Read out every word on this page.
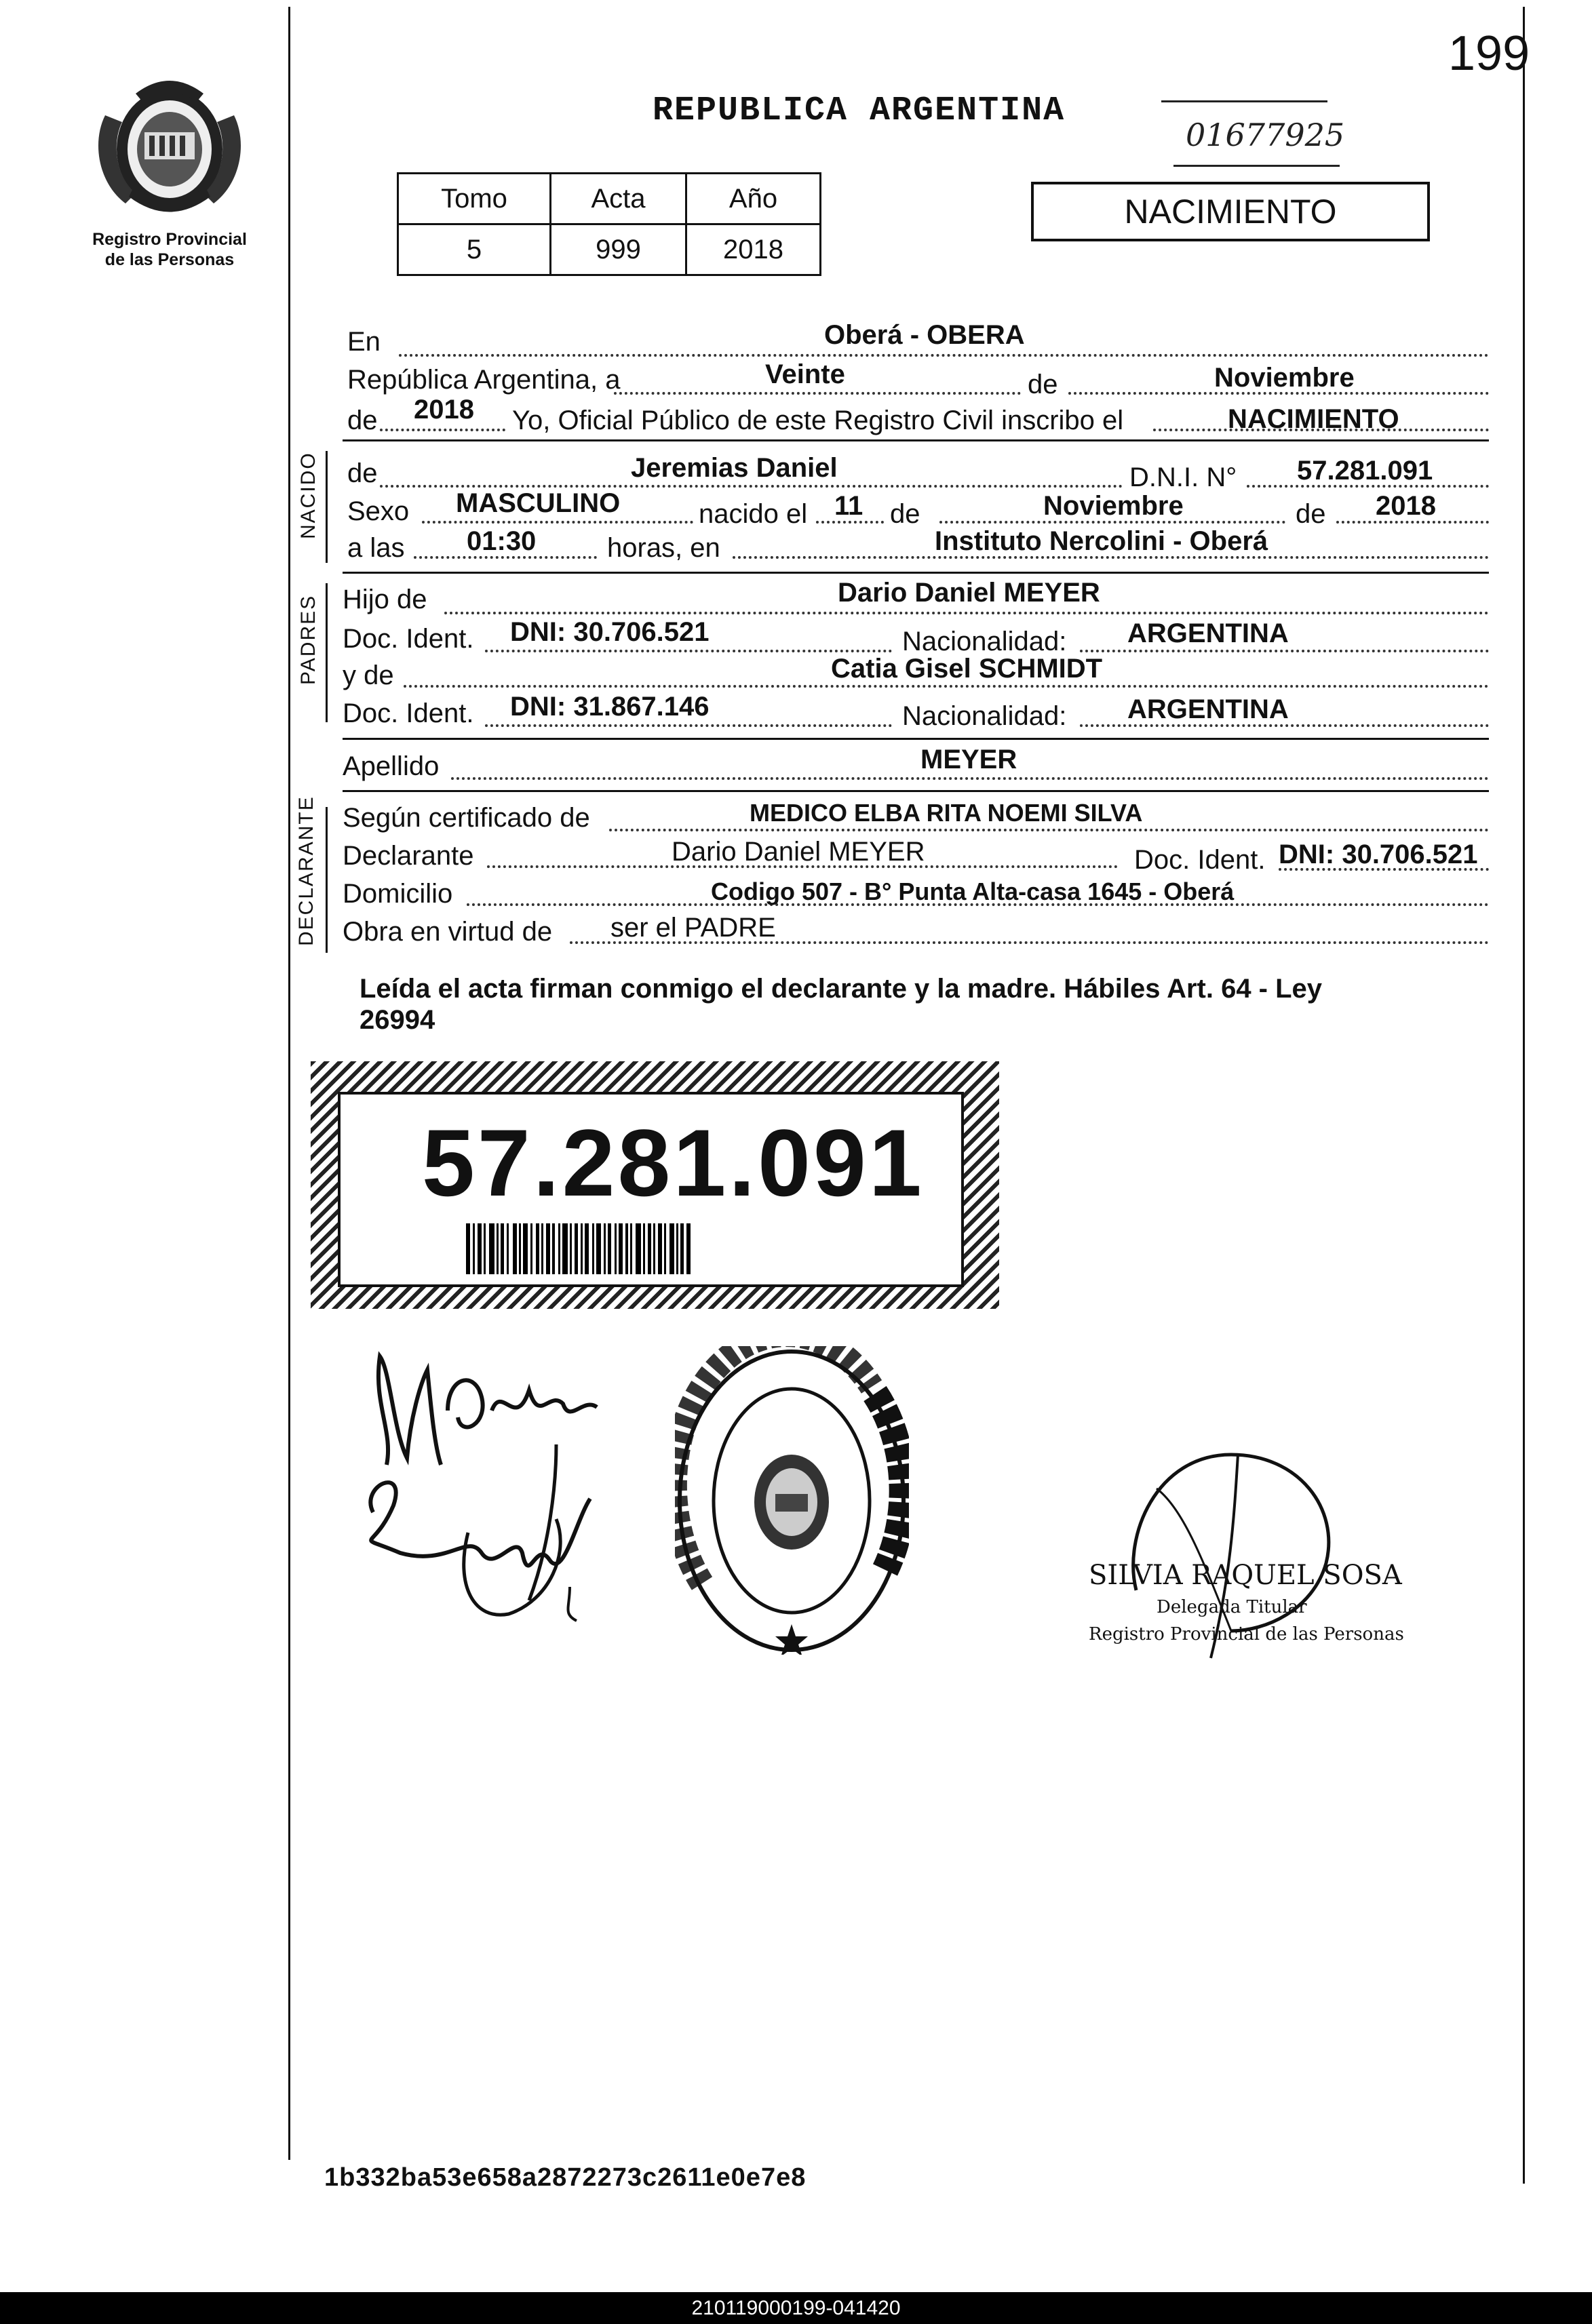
199
Registro Provincial
de las Personas
REPUBLICA ARGENTINA
01677925
Tomo	Acta	Año
5	999	2018
NACIMIENTO
En	Oberá - OBERA
República Argentina, a	Veinte	de	Noviembre
de 2018 Yo, Oficial Público de este Registro Civil inscribo el	NACIMIENTO
NACIDO de	Jeremias Daniel	D.N.I. N° 57.281.091
Sexo MASCULINO	nacido el 11 de	Noviembre	de 2018
a las 01:30	horas, en	Instituto Nercolini - Oberá
PADRES Hijo de	Dario Daniel MEYER
Doc. Ident. DNI: 30.706.521	Nacionalidad: ARGENTINA
y de	Catia Gisel SCHMIDT
Doc. Ident. DNI: 31.867.146	Nacionalidad: ARGENTINA
Apellido	MEYER
DECLARANTE Según certificado de	MEDICO ELBA RITA NOEMI SILVA
Declarante	Dario Daniel MEYER	Doc. Ident. DNI: 30.706.521
Domicilio	Codigo 507 - B° Punta Alta-casa 1645 - Oberá
Obra en virtud de ser el PADRE
Leída el acta firman conmigo el declarante y la madre. Hábiles Art. 64 - Ley
26994
57.281.091
SILVIA RAQUEL SOSA
Delegada Titular
Registro Provincial de las Personas
1b332ba53e658a2872273c2611e0e7e8
210119000199-041420
